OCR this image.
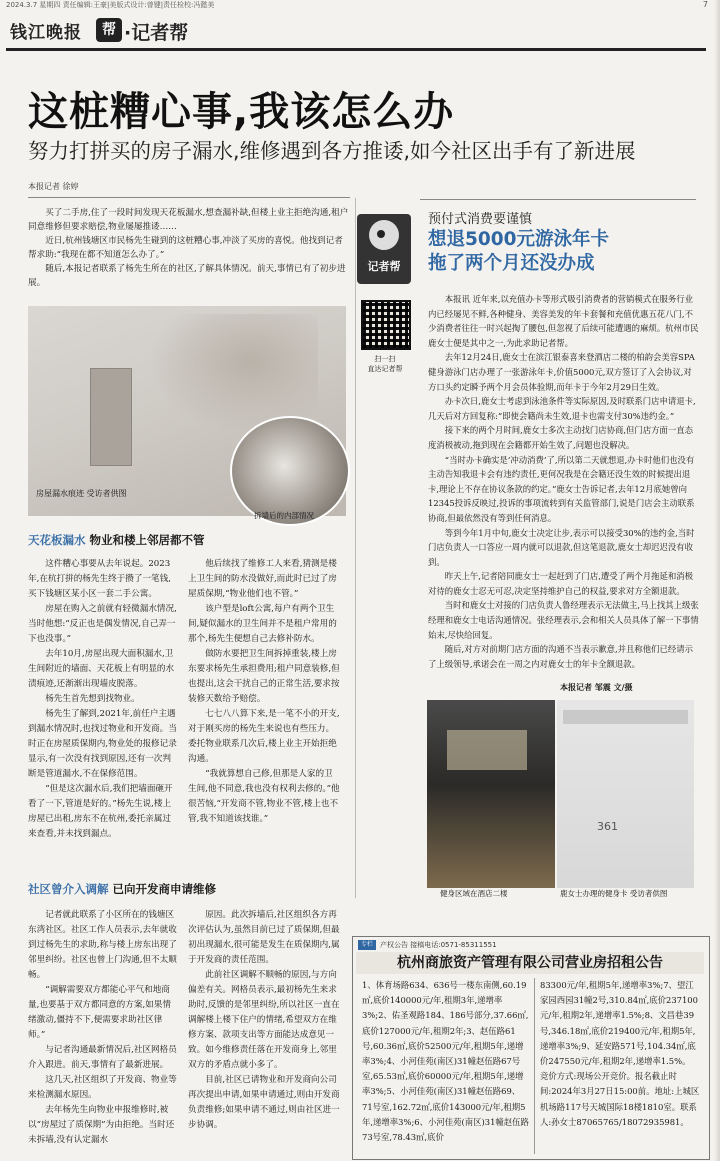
2024.3.7 星期四 责任编辑:王豪|美版式设计:曾键|责任检校:冯懿美	7
钱江晚报	帮 ·记者帮
这桩糟心事,我该怎么办
努力打拼买的房子漏水,维修遇到各方推诿,如今社区出手有了新进展
本报记者 徐婷

买了二手房,住了一段时间发现天花板漏水,想查漏补缺,但楼上业主拒绝沟通,租户同意维修但要求赔偿,物业屡屡推诿……

近日,杭州钱塘区市民杨先生碰到的这桩糟心事,冲淡了买房的喜悦。他找到记者帮求助:“我现在都不知道怎么办了。”

随后,本报记者联系了杨先生所在的社区,了解具体情况。前天,事情已有了初步进展。

房屋漏水痕迹 受访者供图
拆墙后的内部情况
天花板漏水 物业和楼上邻居都不管

这件糟心事要从去年说起。2023年,在杭打拼的杨先生终于攒了一笔钱,买下钱塘区某小区一套二手公寓。

房屋在购入之前就有轻微漏水情况,当时他想:“反正也是偶发情况,自己弄一下也没事。”

去年10月,房屋出现大面积漏水,卫生间附近的墙面、天花板上有明显的水渍痕迹,还渐渐出现墙皮脱落。

杨先生首先想到找物业。

杨先生了解到,2021年,前任户主遇到漏水情况时,也找过物业和开发商。当时正在房屋质保期内,物业处的报修记录显示,有一次没有找到原因,还有一次判断是管道漏水,不在保修范围。

“但是这次漏水后,我们把墙面砸开看了一下,管道是好的。”杨先生说,楼上房屋已出租,房东不在杭州,委托亲属过来查看,并未找到漏点。

他后续找了维修工人来看,猜测是楼上卫生间的防水没做好,而此时已过了房屋质保期,“物业他们也不管。”

该户型是loft公寓,每户有两个卫生间,疑似漏水的卫生间并不是租户常用的那个,杨先生便想自己去修补防水。

做防水要把卫生间拆掉重装,楼上房东要求杨先生承担费用;租户同意装修,但也提出,这会干扰自己的正常生活,要求按装修天数给予赔偿。

七七八八算下来,是一笔不小的开支,对于刚买房的杨先生来说也有些压力。委托物业联系几次后,楼上业主开始拒绝沟通。

“我就算想自己修,但那是人家的卫生间,他不同意,我也没有权利去修的。”他很苦恼,“开发商不管,物业不管,楼上也不管,我不知道该找谁。”

社区曾介入调解 已向开发商申请维修

记者就此联系了小区所在的钱塘区东湾社区。社区工作人员表示,去年就收到过杨先生的求助,称与楼上房东出现了邻里纠纷。社区也曾上门沟通,但不太顺畅。

“调解需要双方都能心平气和地商量,也要基于双方都同意的方案,如果情绪激动,僵持不下,便需要求助社区律师。”

与记者沟通最新情况后,社区网格员介入跟进。前天,事情有了最新进展。

这几天,社区组织了开发商、物业等来检测漏水原因。

去年杨先生向物业申报维修时,被以“房屋过了质保期”为由拒绝。当时还未拆墙,没有认定漏水

原因。此次拆墙后,社区组织各方再次评估认为,虽然目前已过了质保期,但最初出现漏水,很可能是发生在质保期内,属于开发商的责任范围。

此前社区调解不顺畅的原因,与方向偏差有关。网格员表示,最初杨先生来求助时,反馈的是邻里纠纷,所以社区一直在调解楼上楼下住户的情绪,希望双方在维修方案、款项支出等方面能达成意见一致。如今维修责任落在开发商身上,邻里双方的矛盾点就小多了。

目前,社区已请物业和开发商向公司再次提出申请,如果申请通过,则由开发商负责维修;如果申请不通过,则由社区进一步协调。

记者帮
扫一扫
直达记者帮
预付式消费要谨慎
想退5000元游泳年卡
拖了两个月还没办成

本报讯 近年来,以充值办卡等形式吸引消费者的营销模式在服务行业内已经屡见不鲜,各种健身、美容美发的年卡套餐和充值优惠五花八门,不少消费者往往一时兴起掏了腰包,但忽视了后续可能遭遇的麻烦。杭州市民鹿女士便是其中之一,为此求助记者帮。

去年12月24日,鹿女士在滨江银泰喜来登酒店二楼的柏韵会美容SPA健身游泳门店办理了一张游泳年卡,价值5000元,双方签订了入会协议,对方口头约定瞬予两个月会员体验期,而年卡于今年2月29日生效。

办卡次日,鹿女士考虑到泳池条件等实际原因,及时联系门店申请退卡,几天后对方回复称:“即使会籍尚未生效,退卡也需支付30%违约金。”

接下来的两个月时间,鹿女士多次主动找门店协商,但门店方面一直态度消极被动,拖到现在会籍都开始生效了,问题也没解决。

“当时办卡确实是‘冲动消费’了,所以第二天就想退,办卡时他们也没有主动告知我退卡会有违约责任,更何况我是在会籍还没生效的时候提出退卡,理论上不存在协议条款的约定。”鹿女士告诉记者,去年12月底她曾向12345投诉反映过,投诉的事项流转到有关监管部门,说是门店会主动联系协商,但最依然没有等到任何消息。

等到今年1月中旬,鹿女士决定让步,表示可以接受30%的违约金,当时门店负责人一口答应一周内就可以退款,但这笔退款,鹿女士却迟迟没有收到。

昨天上午,记者陪同鹿女士一起赶到了门店,遭受了两个月拖延和消极对待的鹿女士忍无可忍,决定坚持维护自己的权益,要求对方全额退款。

当时和鹿女士对接的门店负责人鲁经理表示无法做主,马上找其上级张经理和鹿女士电话沟通情况。张经理表示,会和相关人员具体了解一下事情始末,尽快给回复。

随后,对方对前期门店方面的沟通不当表示歉意,并且称他们已经请示了上级领导,承诺会在一周之内对鹿女士的年卡全额退款。

本报记者 邹震 文/摄
361
健身区域在酒店二楼	鹿女士办理的健身卡 受访者供图
专栏	产权公告 接稿电话:0571-85311551
杭州商旅资产管理有限公司营业房招租公告
1、体育场路634、636号一楼东南侧,60.19㎡,底价140000元/年,租期3年,递增率3%;2、佑圣观路184、186号部分,37.66㎡,底价127000元/年,租期2年;3、赵伍路61号,60.36㎡,底价52500元/年,租期5年,递增率3%;4、小河佳苑(南区)31幢赵伍路67号室,65.53㎡,底价60000元/年,租期5年,递增率3%;5、小河佳苑(南区)31幢赵伍路69、71号室,162.72㎡,底价143000元/年,租期5年,递增率3%;6、小河佳苑(南区)31幢赵伍路73号室,78.43㎡,底价
83300元/年,租期5年,递增率3%;7、望江家园西园31幢2号,310.84㎡,底价237100元/年,租期2年,递增率1.5%;8、文昌巷39号,346.18㎡,底价219400元/年,租期5年,递增率3%;9、延安路571号,104.34㎡,底价247550元/年,租期2年,递增率1.5%。
竞价方式:现场公开竞价。报名截止时间:2024年3月27日15:00前。地址:上城区机场路117号天城国际18楼1810室。联系人:孙女士87065765/18072935981。
